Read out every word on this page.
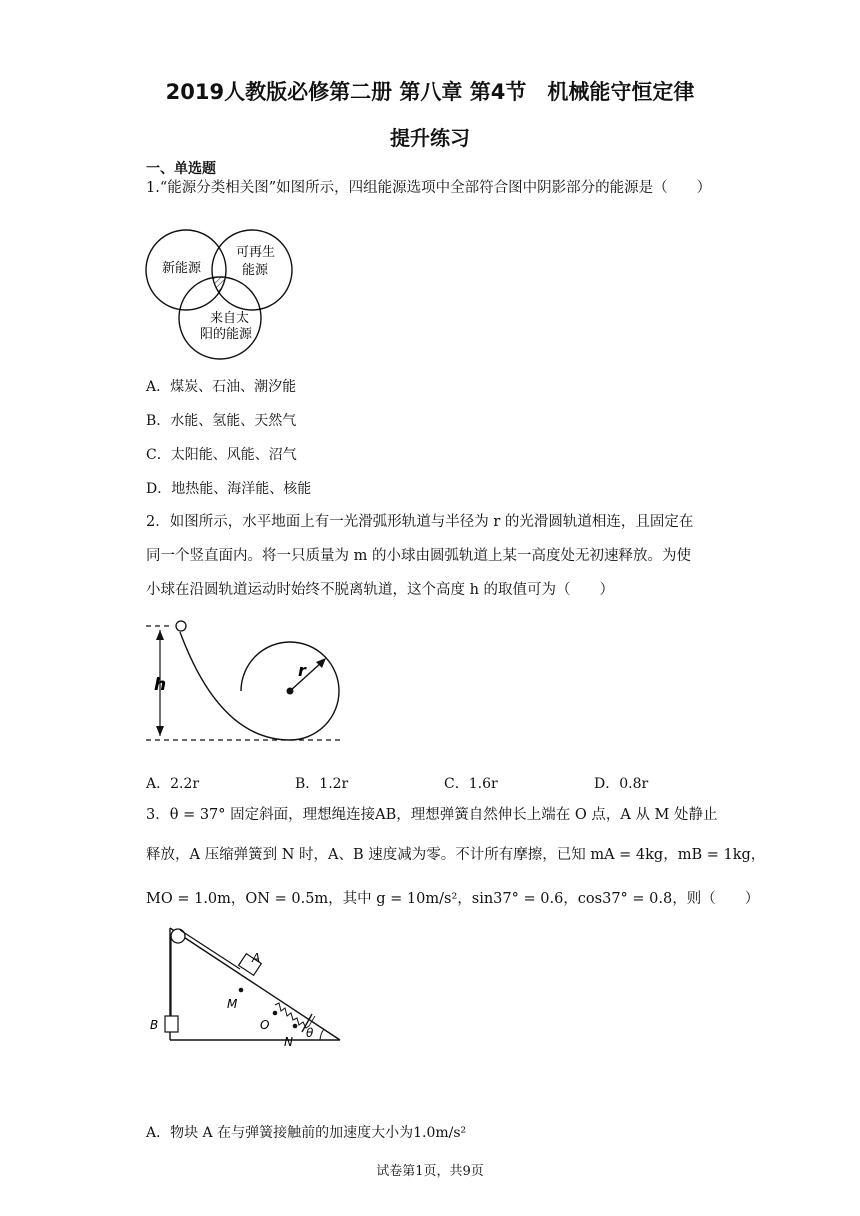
2019人教版必修第二册 第八章 第4节　机械能守恒定律
提升练习
一、单选题
1.“能源分类相关图”如图所示，四组能源选项中全部符合图中阴影部分的能源是（　　）
新能源
可再生
能源
来自太
阳的能源
A．煤炭、石油、潮汐能
B．水能、氢能、天然气
C．太阳能、风能、沼气
D．地热能、海洋能、核能
2．如图所示，水平地面上有一光滑弧形轨道与半径为 r 的光滑圆轨道相连，且固定在
同一个竖直面内。将一只质量为 m 的小球由圆弧轨道上某一高度处无初速释放。为使
小球在沿圆轨道运动时始终不脱离轨道，这个高度 h 的取值可为（　　）
h
r
A．2.2r	B．1.2r	C．1.6r	D．0.8r
3．θ = 37° 固定斜面，理想绳连接AB，理想弹簧自然伸长上端在 O 点，A 从 M 处静止
释放，A 压缩弹簧到 N 时，A、B 速度减为零。不计所有摩擦，已知 mA = 4kg，mB = 1kg，
MO = 1.0m，ON = 0.5m，其中 g = 10m/s²，sin37° = 0.6，cos37° = 0.8，则（　　）
B
A
M
O
N
θ
A．物块 A 在与弹簧接触前的加速度大小为1.0m/s²
试卷第1页，共9页
